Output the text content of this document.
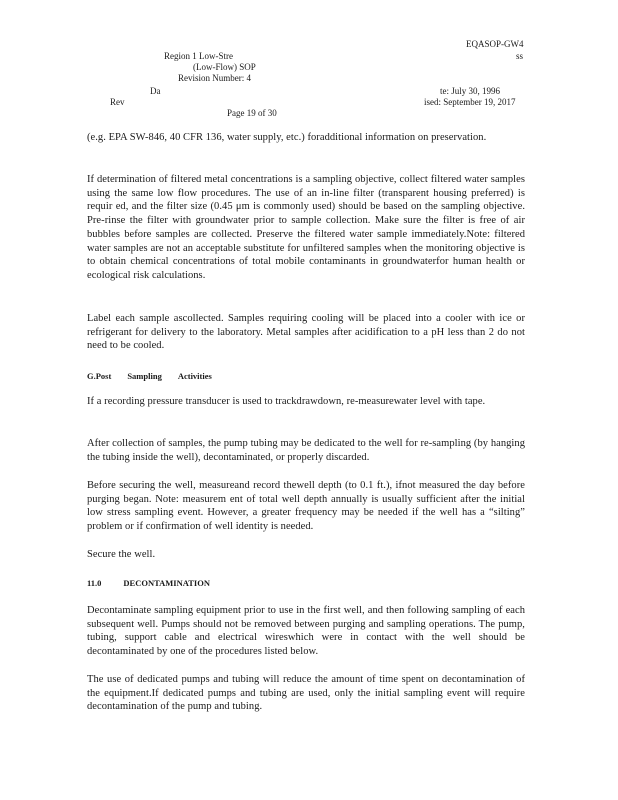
EQASOP-GW4
Region 1 Low-Stre	ss
(Low-Flow) SOP
Revision Number: 4
Da	te: July 30, 1996
Rev	ised: September 19, 2017
Page 19 of 30
(e.g. EPA SW-846, 40 CFR 136, water supply, etc.) foradditional information on preservation.
If determination of filtered metal concentrations is a sampling objective, collect filtered water samples using the same low flow procedures. The use of an in-line filter (transparent housing preferred) is requir ed, and the filter size (0.45 μm is commonly used) should be based on the sampling objective. Pre-rinse the filter with groundwater prior to sample collection. Make sure the filter is free of air bubbles before samples are collected. Preserve the filtered water sample immediately.Note: filtered water samples are not an acceptable substitute for unfiltered samples when the monitoring objective is to obtain chemical concentrations of total mobile contaminants in groundwaterfor human health or ecological risk calculations.
Label each sample ascollected. Samples requiring cooling will be placed into a cooler with ice or refrigerant for delivery to the laboratory. Metal samples after acidification to a pH less than 2 do not need to be cooled.
G.Post Sampling Activities
If a recording pressure transducer is used to trackdrawdown, re-measurewater level with tape.
After collection of samples, the pump tubing may be dedicated to the well for re-sampling (by hanging the tubing inside the well), decontaminated, or properly discarded.
Before securing the well, measureand record thewell depth (to 0.1 ft.), ifnot measured the day before purging began. Note: measurem ent of total well depth annually is usually sufficient after the initial low stress sampling event. However, a greater frequency may be needed if the well has a “silting” problem or if confirmation of well identity is needed.
Secure the well.
11.0	DECONTAMINATION
Decontaminate sampling equipment prior to use in the first well, and then following sampling of each subsequent well. Pumps should not be removed between purging and sampling operations. The pump, tubing, support cable and electrical wireswhich were in contact with the well should be decontaminated by one of the procedures listed below.
The use of dedicated pumps and tubing will reduce the amount of time spent on decontamination of the equipment.If dedicated pumps and tubing are used, only the initial sampling event will require decontamination of the pump and tubing.
